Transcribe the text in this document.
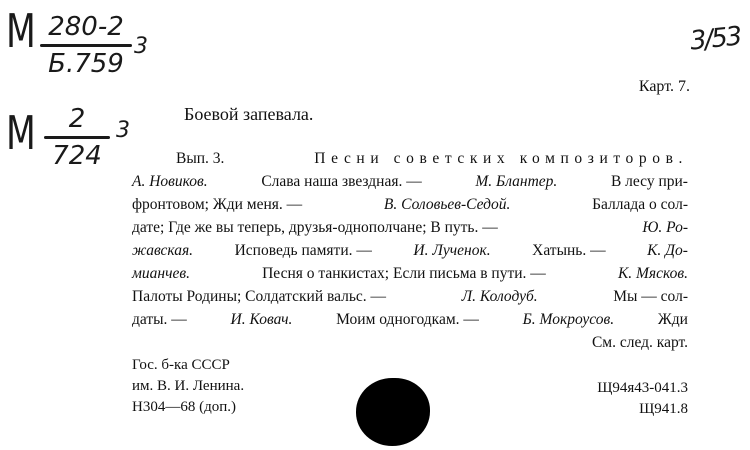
M 280-2
Б.759
3
M	2
724
3
3/53
Карт. 7.
Боевой запевала.
Вып. 3.	Песни советских композиторов.
А. Новиков.	Слава наша звездная. —	М. Блантер.	В лесу при-
фронтовом; Жди меня. —	В. Соловьев-Седой.	Баллада о сол-
дате; Где же вы теперь, друзья-однополчане; В путь. —	Ю. Ро-
жавская.	Исповедь памяти. —	И. Лученок.	Хатынь. —	К. До-
мианчев.	Песня о танкистах; Если письма в пути. —	К. Мясков.
Палоты Родины; Солдатский вальс. —	Л. Колодуб.	Мы — сол-
даты. —	И. Ковач.	Моим одногодкам. —	Б. Мокроусов.	Жди
См. след. карт.
Гос. б-ка СССР
им. В. И. Ленина.
Н304—68 (доп.)
Щ94я43-041.3
Щ941.8
